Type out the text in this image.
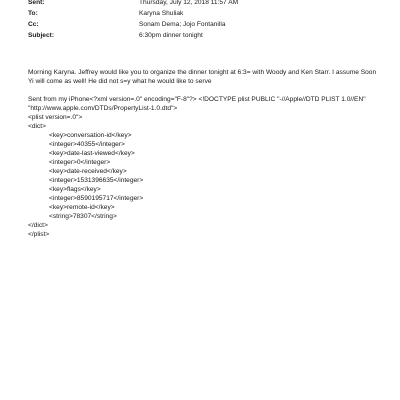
Sent:	Thursday, July 12, 2018 11:57 AM
To:	Karyna Shuliak
Cc:	Sonam Dema; Jojo Fontanilla
Subject:	6:30pm dinner tonight

Morning Karyna. Jeffrey would like you to organize the dinner tonight at 6:3= with Woody and Ken Starr. I assume Soon Yi will come as well! He did not s=y what he would like to serve

Sent from my iPhone<?xml version=.0" encoding="F-8"?> <!DOCTYPE plist PUBLIC "-//Apple//DTD PLIST 1.0//EN"

"http://www.apple.com/DTDs/PropertyList-1.0.dtd">

<plist version=.0">
<dict>
<key>conversation-id</key>
<integer>40355</integer>
<key>date-last-viewed</key>
<integer>0</integer>
<key>date-received</key>
<integer>1531396635</integer>
<key>flags</key>
<integer>8590195717</integer>
<key>remote-id</key>
<string>78307</string>
</dict>
</plist>
